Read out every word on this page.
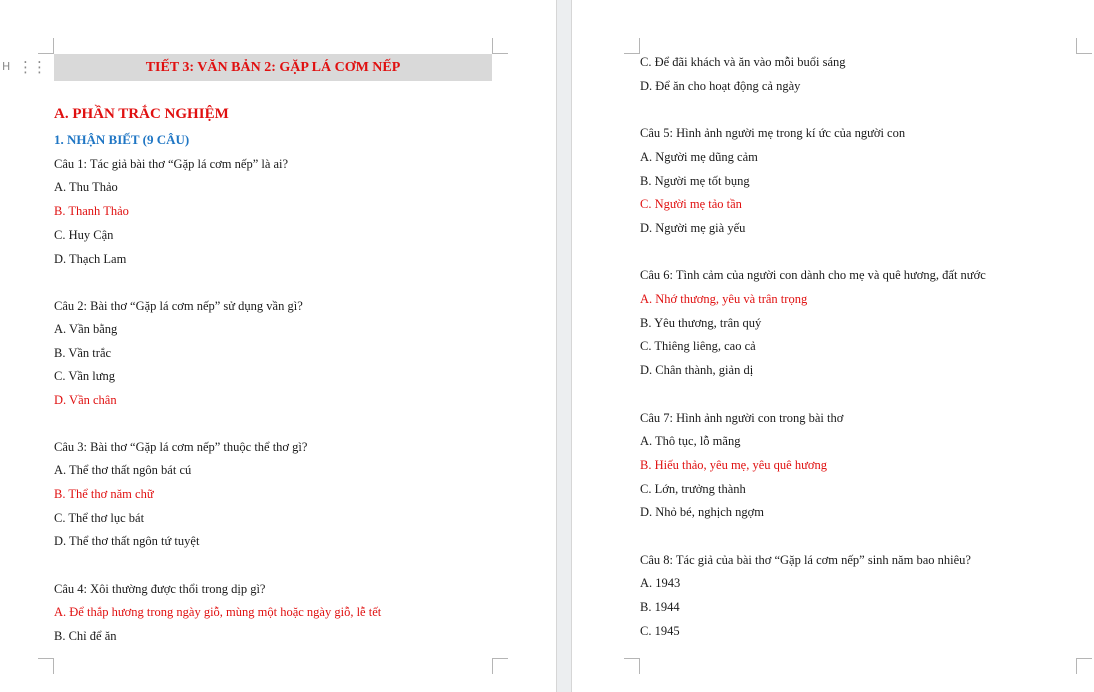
H ⋮⋮	TIẾT 3: VĂN BẢN 2: GẶP LÁ CƠM NẾP
A. PHẦN TRẮC NGHIỆM
1. NHẬN BIẾT (9 CÂU)
Câu 1: Tác giả bài thơ “Gặp lá cơm nếp” là ai?
A. Thu Thảo
B. Thanh Thảo
C. Huy Cận
D. Thạch Lam
Câu 2: Bài thơ “Gặp lá cơm nếp” sử dụng vần gì?
A. Vần bằng
B. Vần trắc
C. Vần lưng
D. Vần chân
Câu 3: Bài thơ “Gặp lá cơm nếp” thuộc thể thơ gì?
A. Thể thơ thất ngôn bát cú
B. Thể thơ năm chữ
C. Thể thơ lục bát
D. Thể thơ thất ngôn tứ tuyệt
Câu 4: Xôi thường được thổi trong dịp gì?
A. Để thắp hương trong ngày giỗ, mùng một hoặc ngày giỗ, lễ tết
B. Chỉ để ăn
C. Để đãi khách và ăn vào mỗi buổi sáng
D. Để ăn cho hoạt động cả ngày
Câu 5: Hình ảnh người mẹ trong kí ức của người con
A. Người mẹ dũng cảm
B. Người mẹ tốt bụng
C. Người mẹ tảo tần
D. Người mẹ già yếu
Câu 6: Tình cảm của người con dành cho mẹ và quê hương, đất nước
A. Nhớ thương, yêu và trân trọng
B. Yêu thương, trân quý
C. Thiêng liêng, cao cả
D. Chân thành, giản dị
Câu 7: Hình ảnh người con trong bài thơ
A. Thô tục, lỗ mãng
B. Hiếu thảo, yêu mẹ, yêu quê hương
C. Lớn, trưởng thành
D. Nhỏ bé, nghịch ngợm
Câu 8: Tác giả của bài thơ “Gặp lá cơm nếp” sinh năm bao nhiêu?
A. 1943
B. 1944
C. 1945
